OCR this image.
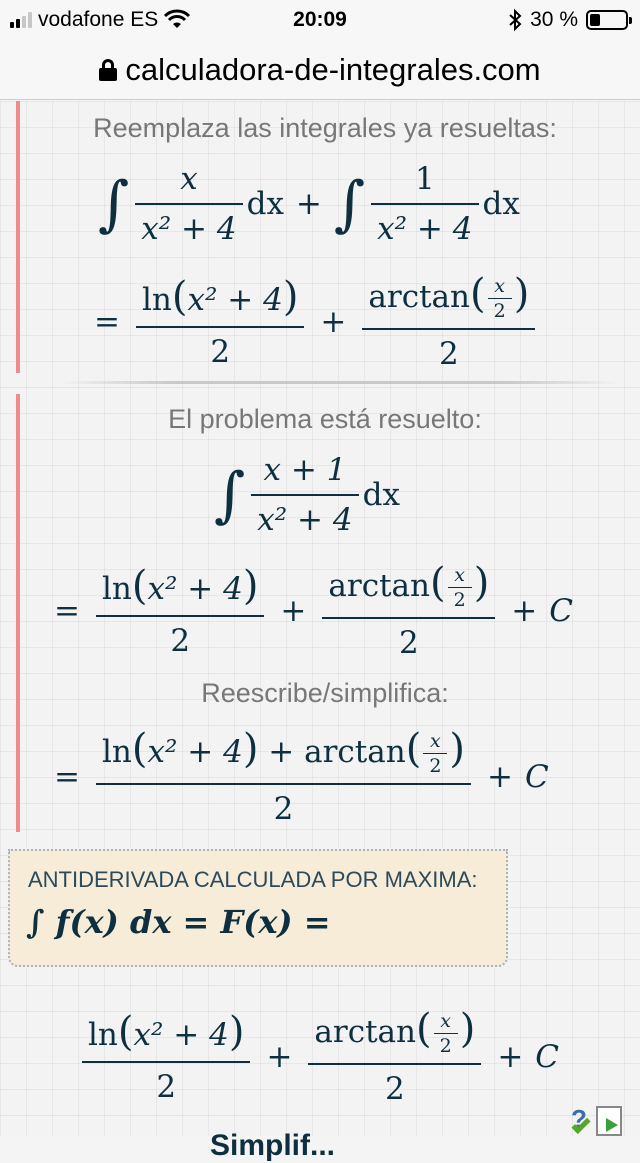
vodafone ES	20:09	30 %
calculadora-de-integrales.com
Reemplaza las integrales ya resueltas:
∫ $\frac{x}{\text{x² + 4}}$ dx + ∫ $\frac{1}{\text{x² + 4}}$ dx
= $\frac{\text{ln(x² + 4)}}{2} + \frac{\arctan( \frac{x}{2} )}{2}$
El problema está resuelto:
∫ $\frac{x + 1}{\text{x² + 4}}$ dx
= $\frac{\text{ln(x² + 4)}}{2} + \frac{\arctan( \frac{x}{2} )}{2} + C$
Reescribe/simplifica:
= $\frac{\ln(x^2 + 4) + \arctan( \frac{x}{2} )}{2} + C$
ANTIDERIVADA CALCULADA POR MAXIMA:
∫ f(x) dx = F(x) =
$\frac{\text{ln(x² + 4)}}{2} + \frac{\arctan( \frac{x}{2} )}{2} + C$
Simplif...
?
